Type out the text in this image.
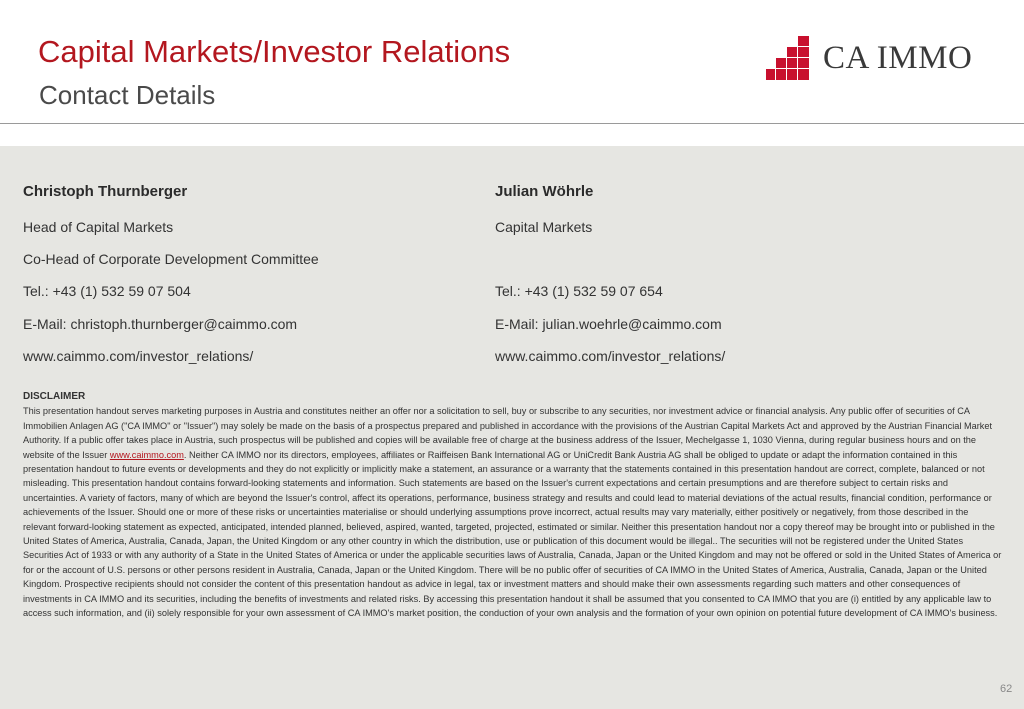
Capital Markets/Investor Relations
Contact Details
CA IMMO
Christoph Thurnberger
Head of Capital Markets
Co-Head of Corporate Development Committee
Tel.: +43 (1) 532 59 07 504
E-Mail: christoph.thurnberger@caimmo.com
www.caimmo.com/investor_relations/
Julian Wöhrle
Capital Markets
Tel.: +43 (1) 532 59 07 654
E-Mail: julian.woehrle@caimmo.com
www.caimmo.com/investor_relations/
DISCLAIMER
This presentation handout serves marketing purposes in Austria and constitutes neither an offer nor a solicitation to sell, buy or subscribe to any securities, nor investment advice or financial analysis. Any public offer of securities of CA Immobilien Anlagen AG ("CA IMMO" or "Issuer") may solely be made on the basis of a prospectus prepared and published in accordance with the provisions of the Austrian Capital Markets Act and approved by the Austrian Financial Market Authority. If a public offer takes place in Austria, such prospectus will be published and copies will be available free of charge at the business address of the Issuer, Mechelgasse 1, 1030 Vienna, during regular business hours and on the website of the Issuer www.caimmo.com. Neither CA IMMO nor its directors, employees, affiliates or Raiffeisen Bank International AG or UniCredit Bank Austria AG shall be obliged to update or adapt the information contained in this presentation handout to future events or developments and they do not explicitly or implicitly make a statement, an assurance or a warranty that the statements contained in this presentation handout are correct, complete, balanced or not misleading. This presentation handout contains forward-looking statements and information. Such statements are based on the Issuer's current expectations and certain presumptions and are therefore subject to certain risks and uncertainties. A variety of factors, many of which are beyond the Issuer's control, affect its operations, performance, business strategy and results and could lead to material deviations of the actual results, financial condition, performance or achievements of the Issuer. Should one or more of these risks or uncertainties materialise or should underlying assumptions prove incorrect, actual results may vary materially, either positively or negatively, from those described in the relevant forward-looking statement as expected, anticipated, intended planned, believed, aspired, wanted, targeted, projected, estimated or similar. Neither this presentation handout nor a copy thereof may be brought into or published in the United States of America, Australia, Canada, Japan, the United Kingdom or any other country in which the distribution, use or publication of this document would be illegal.. The securities will not be registered under the United States Securities Act of 1933 or with any authority of a State in the United States of America or under the applicable securities laws of Australia, Canada, Japan or the United Kingdom and may not be offered or sold in the United States of America or for or the account of U.S. persons or other persons resident in Australia, Canada, Japan or the United Kingdom. There will be no public offer of securities of CA IMMO in the United States of America, Australia, Canada, Japan or the United Kingdom. Prospective recipients should not consider the content of this presentation handout as advice in legal, tax or investment matters and should make their own assessments regarding such matters and other consequences of investments in CA IMMO and its securities, including the benefits of investments and related risks. By accessing this presentation handout it shall be assumed that you consented to CA IMMO that you are (i) entitled by any applicable law to access such information, and (ii) solely responsible for your own assessment of CA IMMO's market position, the conduction of your own analysis and the formation of your own opinion on potential future development of CA IMMO's business.
62
